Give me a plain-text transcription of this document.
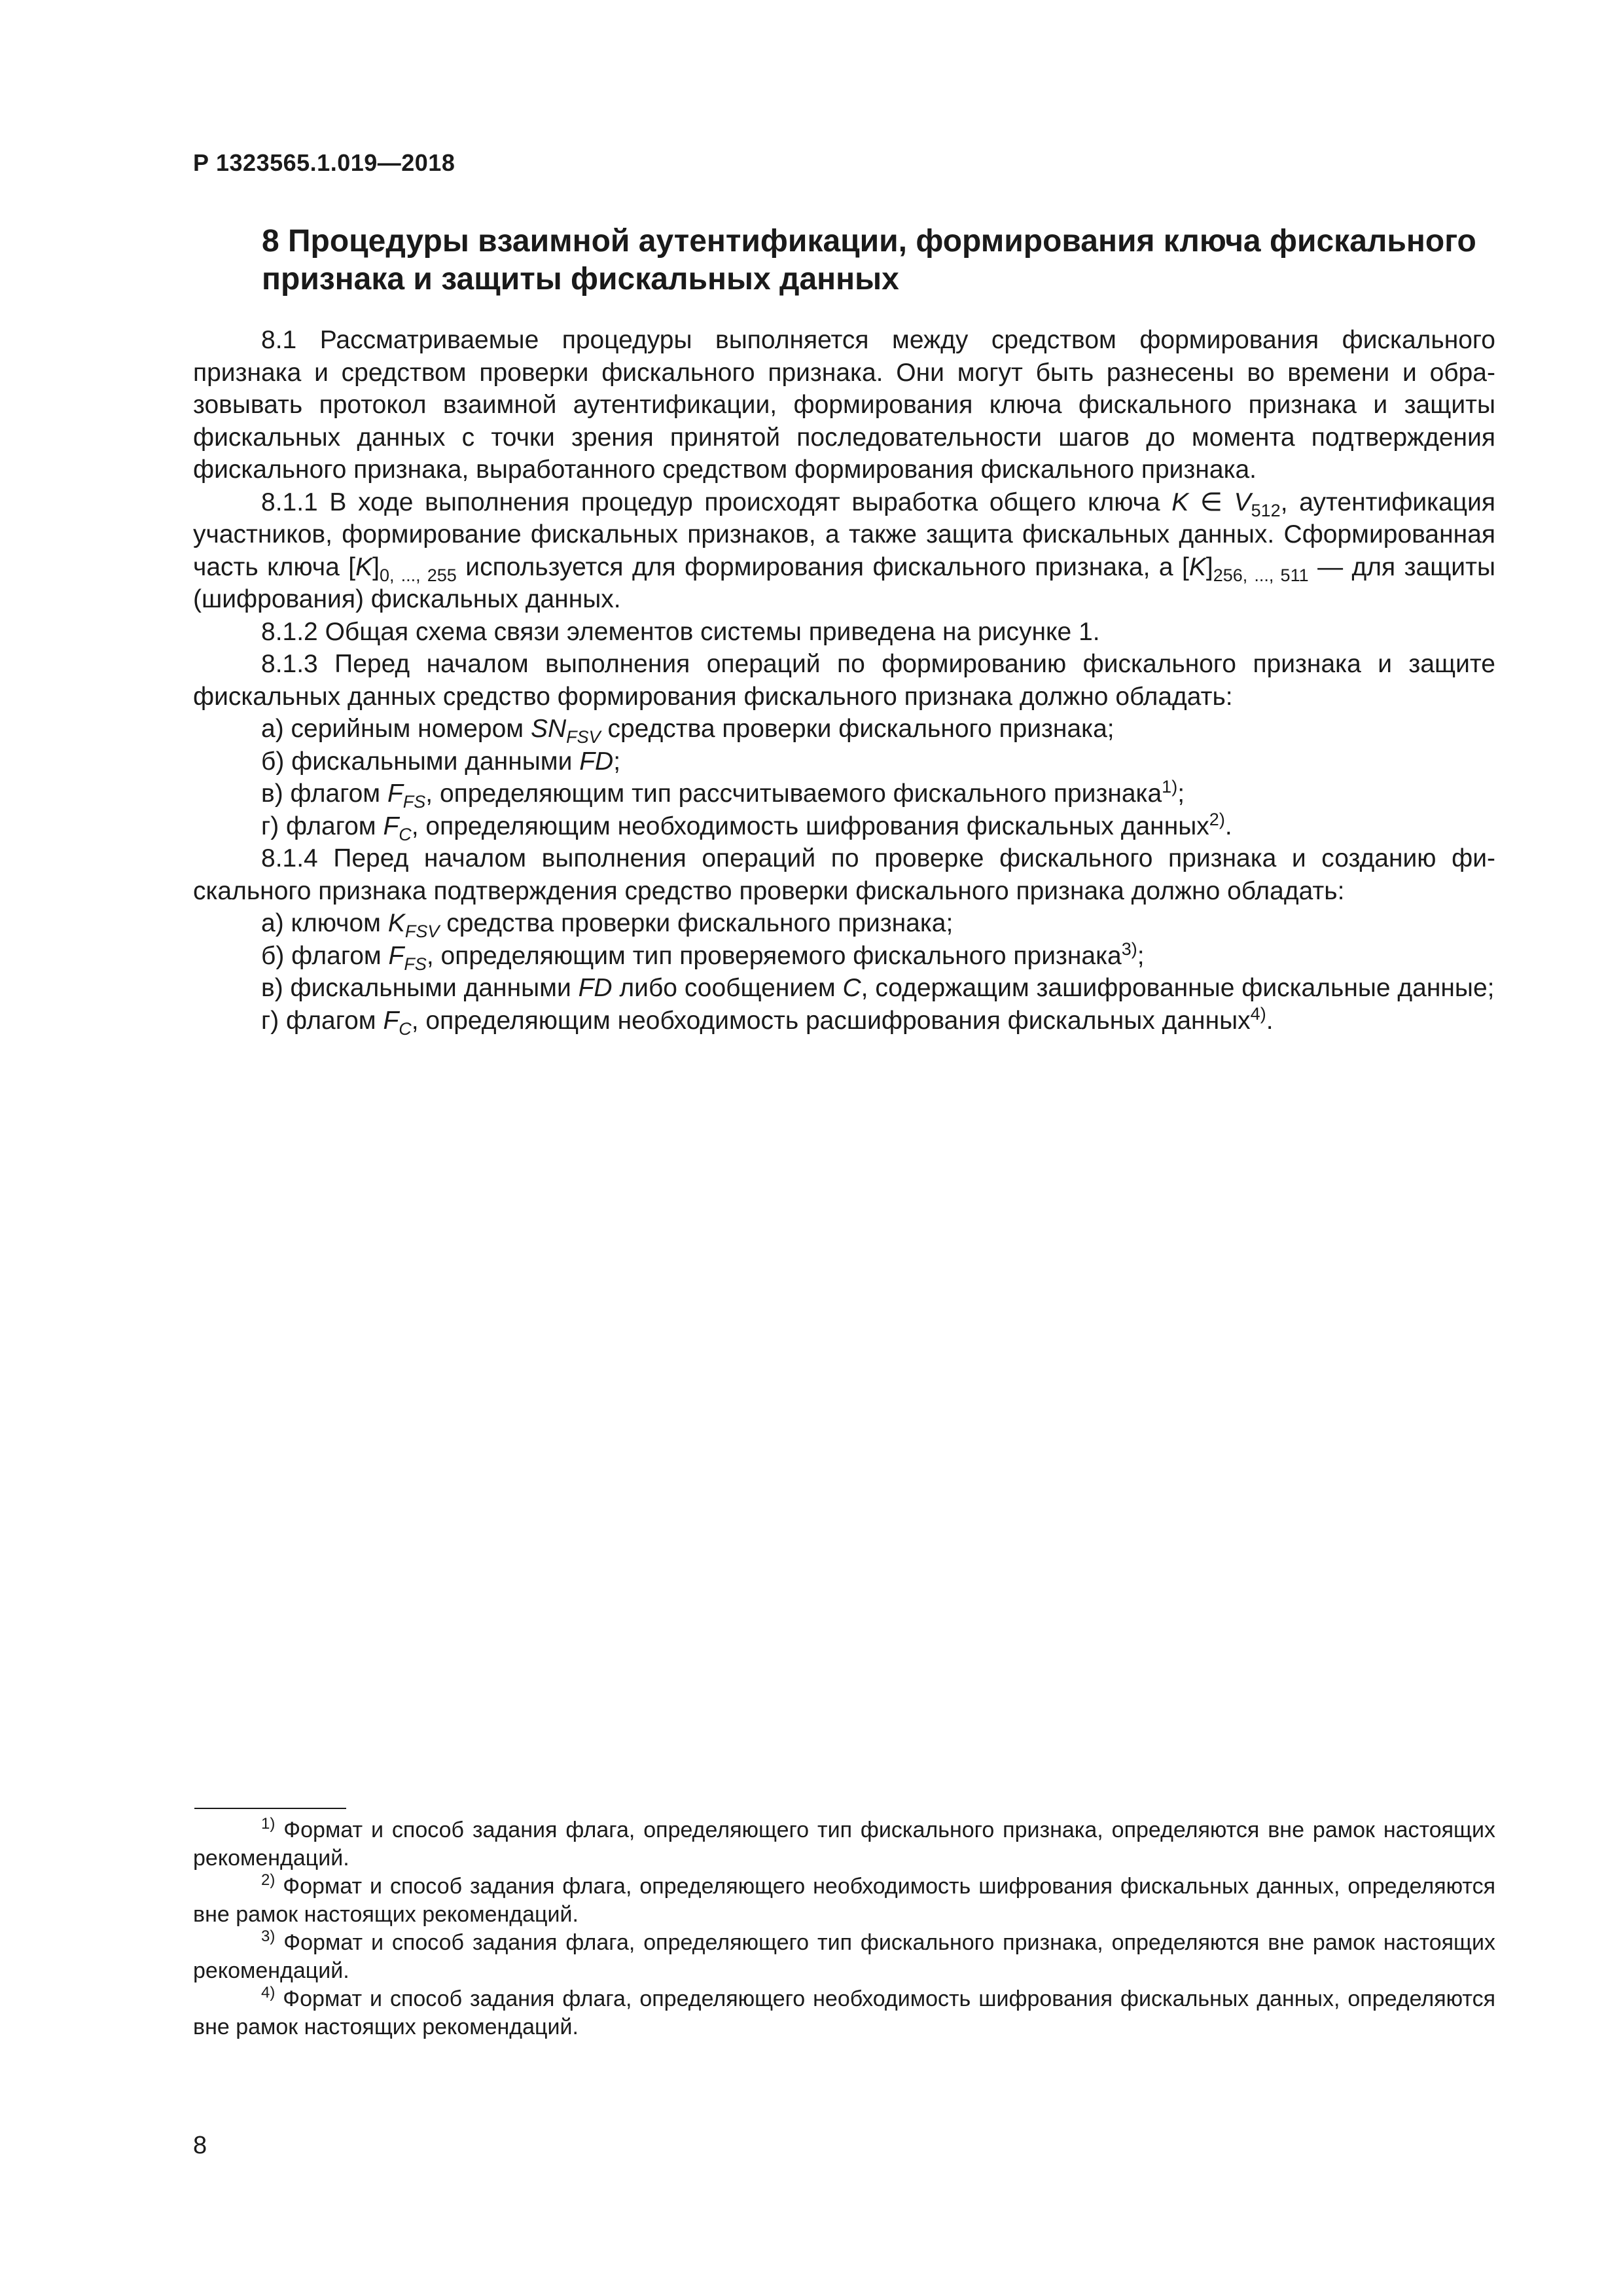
Р 1323565.1.019—2018
8 Процедуры взаимной аутентификации, формирования ключа фискального признака и защиты фискальных данных

8.1 Рассматриваемые процедуры выполняется между средством формирования фискального признака и средством проверки фискального признака. Они могут быть разнесены во времени и образовывать протокол взаимной аутентификации, формирования ключа фискального признака и защиты фискальных данных с точки зрения принятой последовательности шагов до момента подтверждения фискального признака, выработанного средством формирования фискального признака.

8.1.1 В ходе выполнения процедур происходят выработка общего ключа K ∈ $V_{512}$, аутентификация участников, формирование фискальных признаков, а также защита фискальных данных. Сформированная часть ключа $[K]_{0, ..., 255}$ используется для формирования фискального признака, а $[K]_{256, ..., 511}$ — для защиты (шифрования) фискальных данных.

8.1.2 Общая схема связи элементов системы приведена на рисунке 1.

8.1.3 Перед началом выполнения операций по формированию фискального признака и защите фискальных данных средство формирования фискального признака должно обладать:

а) серийным номером $SN_{FSV}$ средства проверки фискального признака;

б) фискальными данными FD;

в) флагом $F_{FS}$, определяющим тип рассчитываемого фискального признака$^{1)}$;

г) флагом $F_C$, определяющим необходимость шифрования фискальных данных$^{2)}$.

8.1.4 Перед началом выполнения операций по проверке фискального признака и созданию фискального признака подтверждения средство проверки фискального признака должно обладать:

а) ключом $K_{FSV}$ средства проверки фискального признака;

б) флагом $F_{FS}$, определяющим тип проверяемого фискального признака$^{3)}$;

в) фискальными данными FD либо сообщением C, содержащим зашифрованные фискальные данные;

г) флагом $F_C$, определяющим необходимость расшифрования фискальных данных$^{4)}$.

$^{1)}$ Формат и способ задания флага, определяющего тип фискального признака, определяются вне рамок настоящих рекомендаций.

$^{2)}$ Формат и способ задания флага, определяющего необходимость шифрования фискальных данных, определяются вне рамок настоящих рекомендаций.

$^{3)}$ Формат и способ задания флага, определяющего тип фискального признака, определяются вне рамок настоящих рекомендаций.

$^{4)}$ Формат и способ задания флага, определяющего необходимость шифрования фискальных данных, определяются вне рамок настоящих рекомендаций.

8
